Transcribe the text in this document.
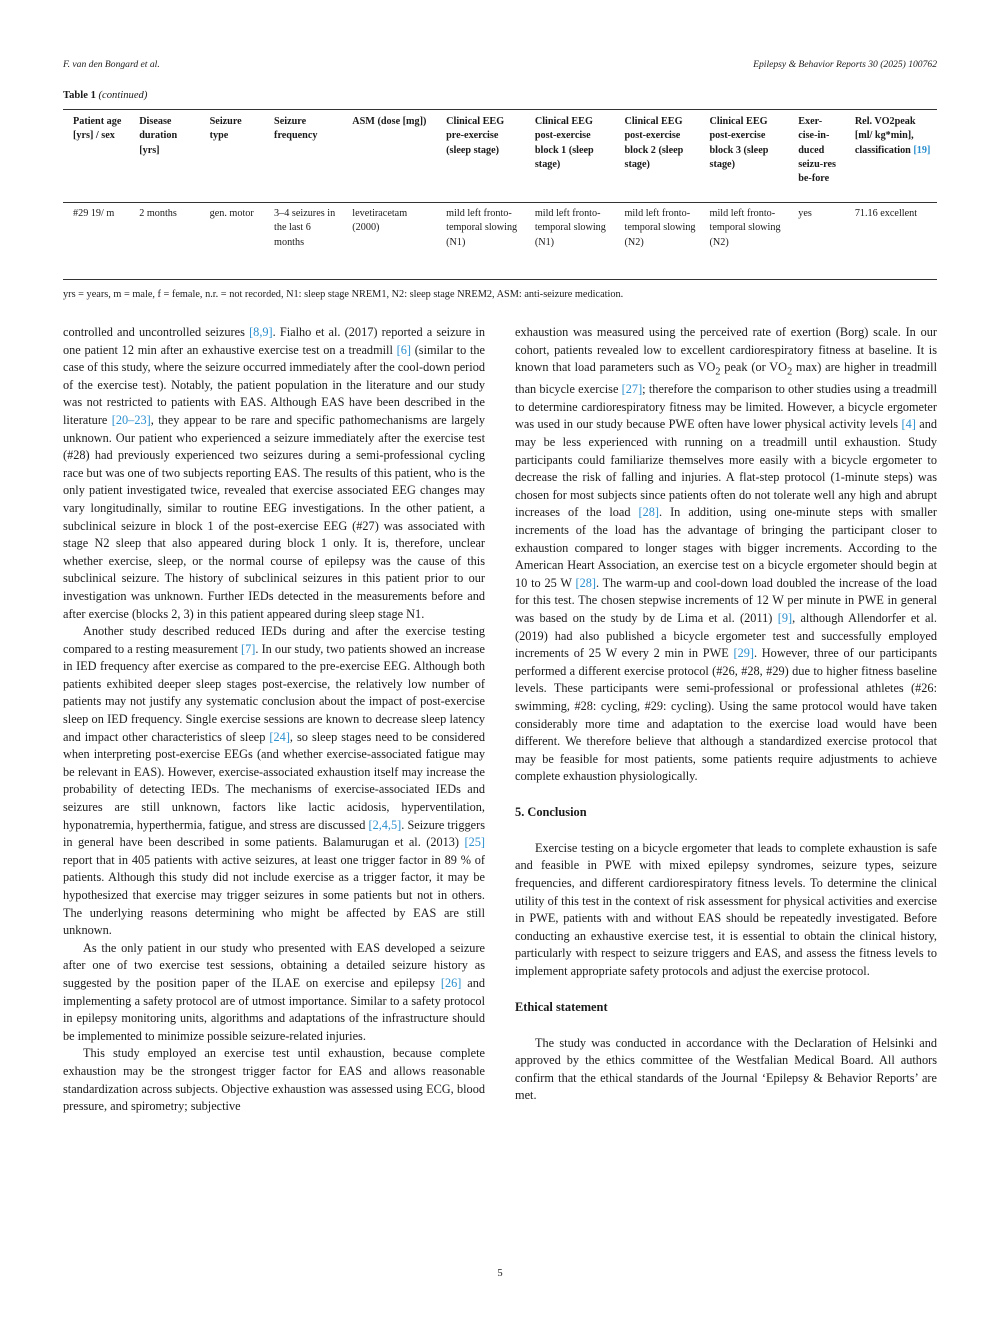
F. van den Bongard et al.	Epilepsy & Behavior Reports 30 (2025) 100762
Table 1 (continued)
Patient age [yrs] / sex	Disease duration [yrs]	Seizure type	Seizure frequency	ASM (dose [mg])	Clinical EEG pre-exercise (sleep stage)	Clinical EEG post-exercise block 1 (sleep stage)	Clinical EEG post-exercise block 2 (sleep stage)	Clinical EEG post-exercise block 3 (sleep stage)	Exer-cise-in-duced seizu-res be-fore	Rel. VO2peak [ml/ kg*min], classification [19]
#29 19/ m	2 months	gen. motor	3–4 seizures in the last 6 months	levetiracetam (2000)	mild left fronto-temporal slowing (N1)	mild left fronto-temporal slowing (N1)	mild left fronto-temporal slowing (N2)	mild left fronto-temporal slowing (N2)	yes	71.16 excellent
yrs = years, m = male, f = female, n.r. = not recorded, N1: sleep stage NREM1, N2: sleep stage NREM2, ASM: anti-seizure medication.

controlled and uncontrolled seizures [8,9]. Fialho et al. (2017) reported a seizure in one patient 12 min after an exhaustive exercise test on a treadmill [6] (similar to the case of this study, where the seizure occurred immediately after the cool-down period of the exercise test). Notably, the patient population in the literature and our study was not restricted to patients with EAS. Although EAS have been described in the literature [20–23], they appear to be rare and specific pathomechanisms are largely unknown. Our patient who experienced a seizure immediately after the exercise test (#28) had previously experienced two seizures during a semi-professional cycling race but was one of two subjects reporting EAS. The results of this patient, who is the only patient investigated twice, revealed that exercise associated EEG changes may vary longitudinally, similar to routine EEG investigations. In the other patient, a subclinical seizure in block 1 of the post-exercise EEG (#27) was associated with stage N2 sleep that also appeared during block 1 only. It is, therefore, unclear whether exercise, sleep, or the normal course of epilepsy was the cause of this subclinical seizure. The history of subclinical seizures in this patient prior to our investigation was unknown. Further IEDs detected in the measurements before and after exercise (blocks 2, 3) in this patient appeared during sleep stage N1.

Another study described reduced IEDs during and after the exercise testing compared to a resting measurement [7]. In our study, two patients showed an increase in IED frequency after exercise as compared to the pre-exercise EEG. Although both patients exhibited deeper sleep stages post-exercise, the relatively low number of patients may not justify any systematic conclusion about the impact of post-exercise sleep on IED frequency. Single exercise sessions are known to decrease sleep latency and impact other characteristics of sleep [24], so sleep stages need to be considered when interpreting post-exercise EEGs (and whether exercise-associated fatigue may be relevant in EAS). However, exercise-associated exhaustion itself may increase the probability of detecting IEDs. The mechanisms of exercise-associated IEDs and seizures are still unknown, factors like lactic acidosis, hyperventilation, hyponatremia, hyperthermia, fatigue, and stress are discussed [2,4,5]. Seizure triggers in general have been described in some patients. Balamurugan et al. (2013) [25] report that in 405 patients with active seizures, at least one trigger factor in 89 % of patients. Although this study did not include exercise as a trigger factor, it may be hypothesized that exercise may trigger seizures in some patients but not in others. The underlying reasons determining who might be affected by EAS are still unknown.

As the only patient in our study who presented with EAS developed a seizure after one of two exercise test sessions, obtaining a detailed seizure history as suggested by the position paper of the ILAE on exercise and epilepsy [26] and implementing a safety protocol are of utmost importance. Similar to a safety protocol in epilepsy monitoring units, algorithms and adaptations of the infrastructure should be implemented to minimize possible seizure-related injuries.

This study employed an exercise test until exhaustion, because complete exhaustion may be the strongest trigger factor for EAS and allows reasonable standardization across subjects. Objective exhaustion was assessed using ECG, blood pressure, and spirometry; subjective

exhaustion was measured using the perceived rate of exertion (Borg) scale. In our cohort, patients revealed low to excellent cardiorespiratory fitness at baseline. It is known that load parameters such as $VO_2$ peak (or $VO_2$ max) are higher in treadmill than bicycle exercise [27]; therefore the comparison to other studies using a treadmill to determine cardiorespiratory fitness may be limited. However, a bicycle ergometer was used in our study because PWE often have lower physical activity levels [4] and may be less experienced with running on a treadmill until exhaustion. Study participants could familiarize themselves more easily with a bicycle ergometer to decrease the risk of falling and injuries. A flat-step protocol (1-minute steps) was chosen for most subjects since patients often do not tolerate well any high and abrupt increases of the load [28]. In addition, using one-minute steps with smaller increments of the load has the advantage of bringing the participant closer to exhaustion compared to longer stages with bigger increments. According to the American Heart Association, an exercise test on a bicycle ergometer should begin at 10 to 25 W [28]. The warm-up and cool-down load doubled the increase of the load for this test. The chosen stepwise increments of 12 W per minute in PWE in general was based on the study by de Lima et al. (2011) [9], although Allendorfer et al. (2019) had also published a bicycle ergometer test and successfully employed increments of 25 W every 2 min in PWE [29]. However, three of our participants performed a different exercise protocol (#26, #28, #29) due to higher fitness baseline levels. These participants were semi-professional or professional athletes (#26: swimming, #28: cycling, #29: cycling). Using the same protocol would have taken considerably more time and adaptation to the exercise load would have been different. We therefore believe that although a standardized exercise protocol that may be feasible for most patients, some patients require adjustments to achieve complete exhaustion physiologically.

5. Conclusion

Exercise testing on a bicycle ergometer that leads to complete exhaustion is safe and feasible in PWE with mixed epilepsy syndromes, seizure types, seizure frequencies, and different cardiorespiratory fitness levels. To determine the clinical utility of this test in the context of risk assessment for physical activities and exercise in PWE, patients with and without EAS should be repeatedly investigated. Before conducting an exhaustive exercise test, it is essential to obtain the clinical history, particularly with respect to seizure triggers and EAS, and assess the fitness levels to implement appropriate safety protocols and adjust the exercise protocol.

Ethical statement

The study was conducted in accordance with the Declaration of Helsinki and approved by the ethics committee of the Westfalian Medical Board. All authors confirm that the ethical standards of the Journal ‘Epilepsy & Behavior Reports’ are met.

5
